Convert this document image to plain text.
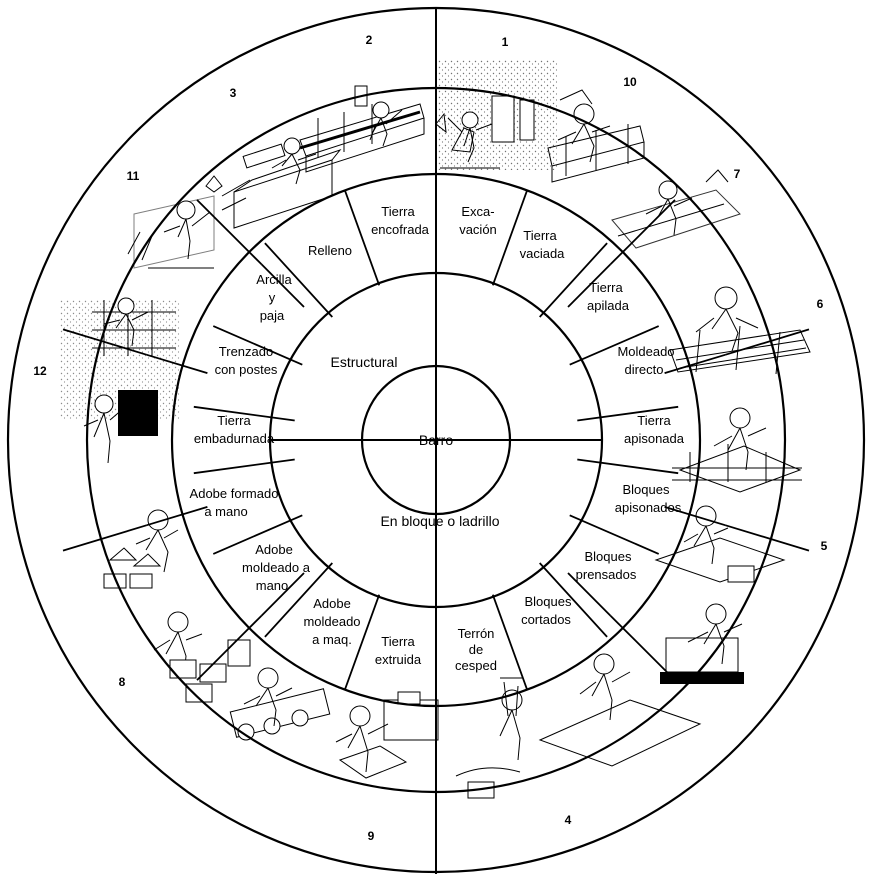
Barro
Estructural
En bloque o ladrillo
Tierra
encofrada
Exca-
vación Tierra
vaciada
Tierra
apilada
Moldeado
directo
Tierra
apisonada
Bloques
apisonados
Bloques
prensados
Bloques
cortados
Terrón
de
cesped
Tierra
extruida
Adobe
moldeado
a maq.
Adobe
moldeado a
mano
Adobe formado
a mano
Tierra
embadurnada
Trenzado
con postes
Arcilla
y
paja
Relleno
1
2
3
11
12
8
9
4
5
6
7
10
